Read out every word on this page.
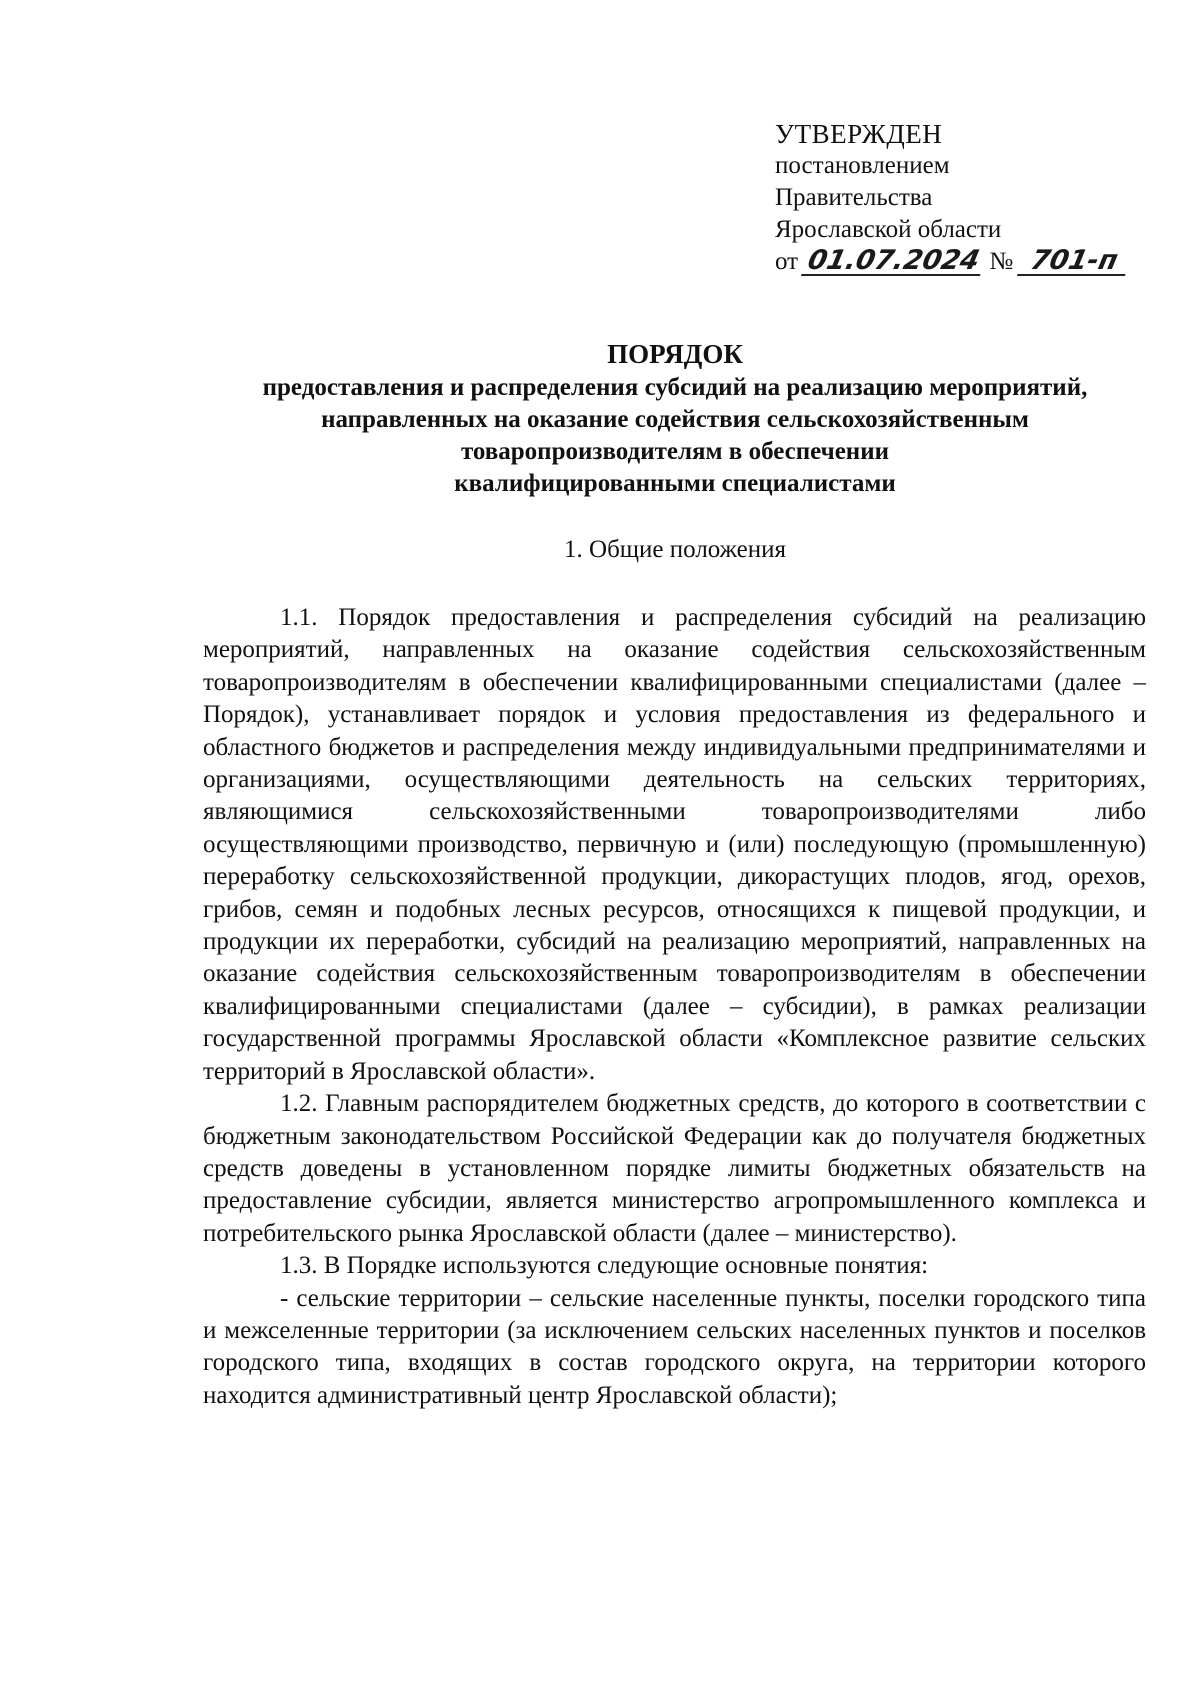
УТВЕРЖДЕН
постановлением
Правительства
Ярославской области
от 01.07.2024 № 701-п
ПОРЯДОК
предоставления и распределения субсидий на реализацию мероприятий,
направленных на оказание содействия сельскохозяйственным
товаропроизводителям в обеспечении
квалифицированными специалистами
1. Общие положения

1.1. Порядок предоставления и распределения субсидий на реализацию мероприятий, направленных на оказание содействия сельскохозяйственным товаропроизводителям в обеспечении квалифицированными специалистами (далее – Порядок), устанавливает порядок и условия предоставления из федерального и областного бюджетов и распределения между индивидуальными предпринимателями и организациями, осуществляющими деятельность на сельских территориях, являющимися сельскохозяйственными товаропроизводителями либо осуществляющими производство, первичную и (или) последующую (промышленную) переработку сельскохозяйственной продукции, дикорастущих плодов, ягод, орехов, грибов, семян и подобных лесных ресурсов, относящихся к пищевой продукции, и продукции их переработки, субсидий на реализацию мероприятий, направленных на оказание содействия сельскохозяйственным товаропроизводителям в обеспечении квалифицированными специалистами (далее – субсидии), в рамках реализации государственной программы Ярославской области «Комплексное развитие сельских территорий в Ярославской области».

1.2. Главным распорядителем бюджетных средств, до которого в соответствии с бюджетным законодательством Российской Федерации как до получателя бюджетных средств доведены в установленном порядке лимиты бюджетных обязательств на предоставление субсидии, является министерство агропромышленного комплекса и потребительского рынка Ярославской области (далее – министерство).

1.3. В Порядке используются следующие основные понятия:

- сельские территории – сельские населенные пункты, поселки городского типа и межселенные территории (за исключением сельских населенных пунктов и поселков городского типа, входящих в состав городского округа, на территории которого находится административный центр Ярославской области);
